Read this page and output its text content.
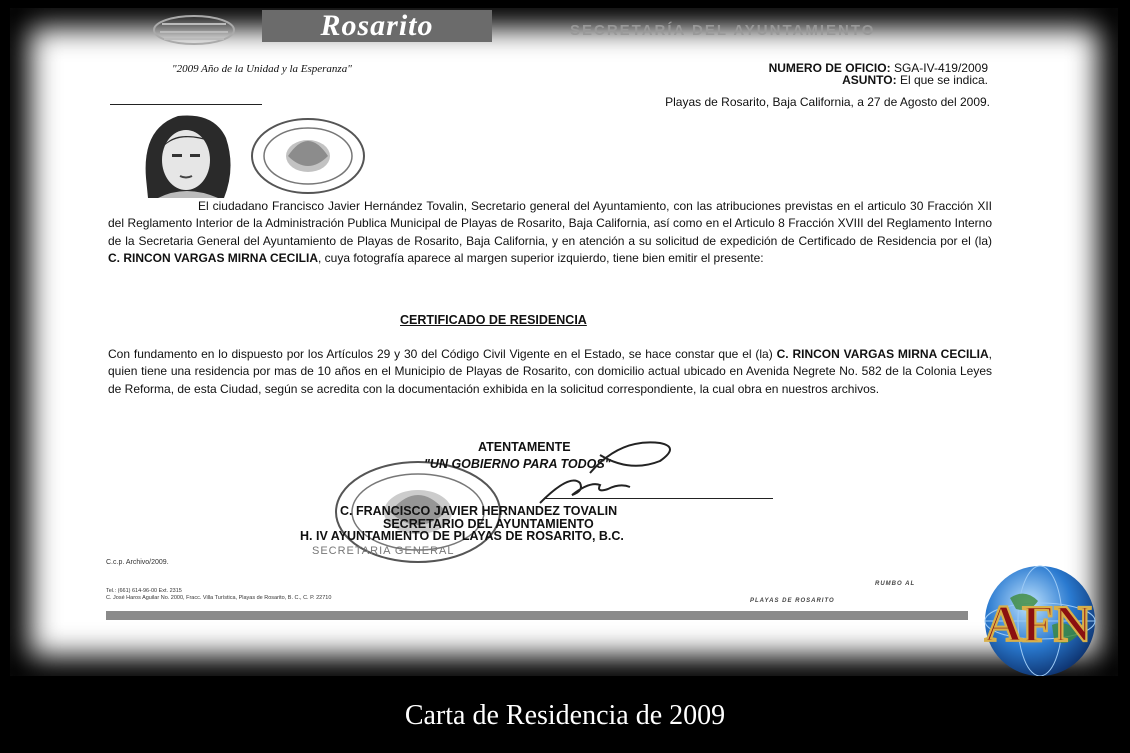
Rosarito	SECRETARÍA DEL AYUNTAMIENTO
"2009 Año de la Unidad y la Esperanza"	NUMERO DE OFICIO: SGA-IV-419/2009
ASUNTO: El que se indica.
Playas de Rosarito, Baja California, a 27 de Agosto del 2009.
El ciudadano Francisco Javier Hernández Tovalin, Secretario general del Ayuntamiento, con las atribuciones previstas en el articulo 30 Fracción XII del Reglamento Interior de la Administración Publica Municipal de Playas de Rosarito, Baja California, así como en el Articulo 8 Fracción XVIII del Reglamento Interno de la Secretaria General del Ayuntamiento de Playas de Rosarito, Baja California, y en atención a su solicitud de expedición de Certificado de Residencia por el (la) C. RINCON VARGAS MIRNA CECILIA, cuya fotografía aparece al margen superior izquierdo, tiene bien emitir el presente:
CERTIFICADO DE RESIDENCIA
Con fundamento en lo dispuesto por los Artículos 29 y 30 del Código Civil Vigente en el Estado, se hace constar que el (la) C. RINCON VARGAS MIRNA CECILIA, quien tiene una residencia por mas de 10 años en el Municipio de Playas de Rosarito, con domicilio actual ubicado en Avenida Negrete No. 582 de la Colonia Leyes de Reforma, de esta Ciudad, según se acredita con la documentación exhibida en la solicitud correspondiente, la cual obra en nuestros archivos.
ATENTAMENTE
"UN GOBIERNO PARA TODOS"
C. FRANCISCO JAVIER HERNANDEZ TOVALIN
SECRETARIO DEL AYUNTAMIENTO
H. IV AYUNTAMIENTO DE PLAYAS DE ROSARITO, B.C.
SECRETARIA GENERAL
C.c.p. Archivo/2009.
Tel.: (661) 614-96-00 Ext. 2315
C. José Haros Aguilar No. 2000, Fracc. Villa Turística, Playas de Rosarito, B. C., C. P. 22710
RUMBO AL
PLAYAS DE ROSARITO	AFN
Carta de Residencia de 2009
